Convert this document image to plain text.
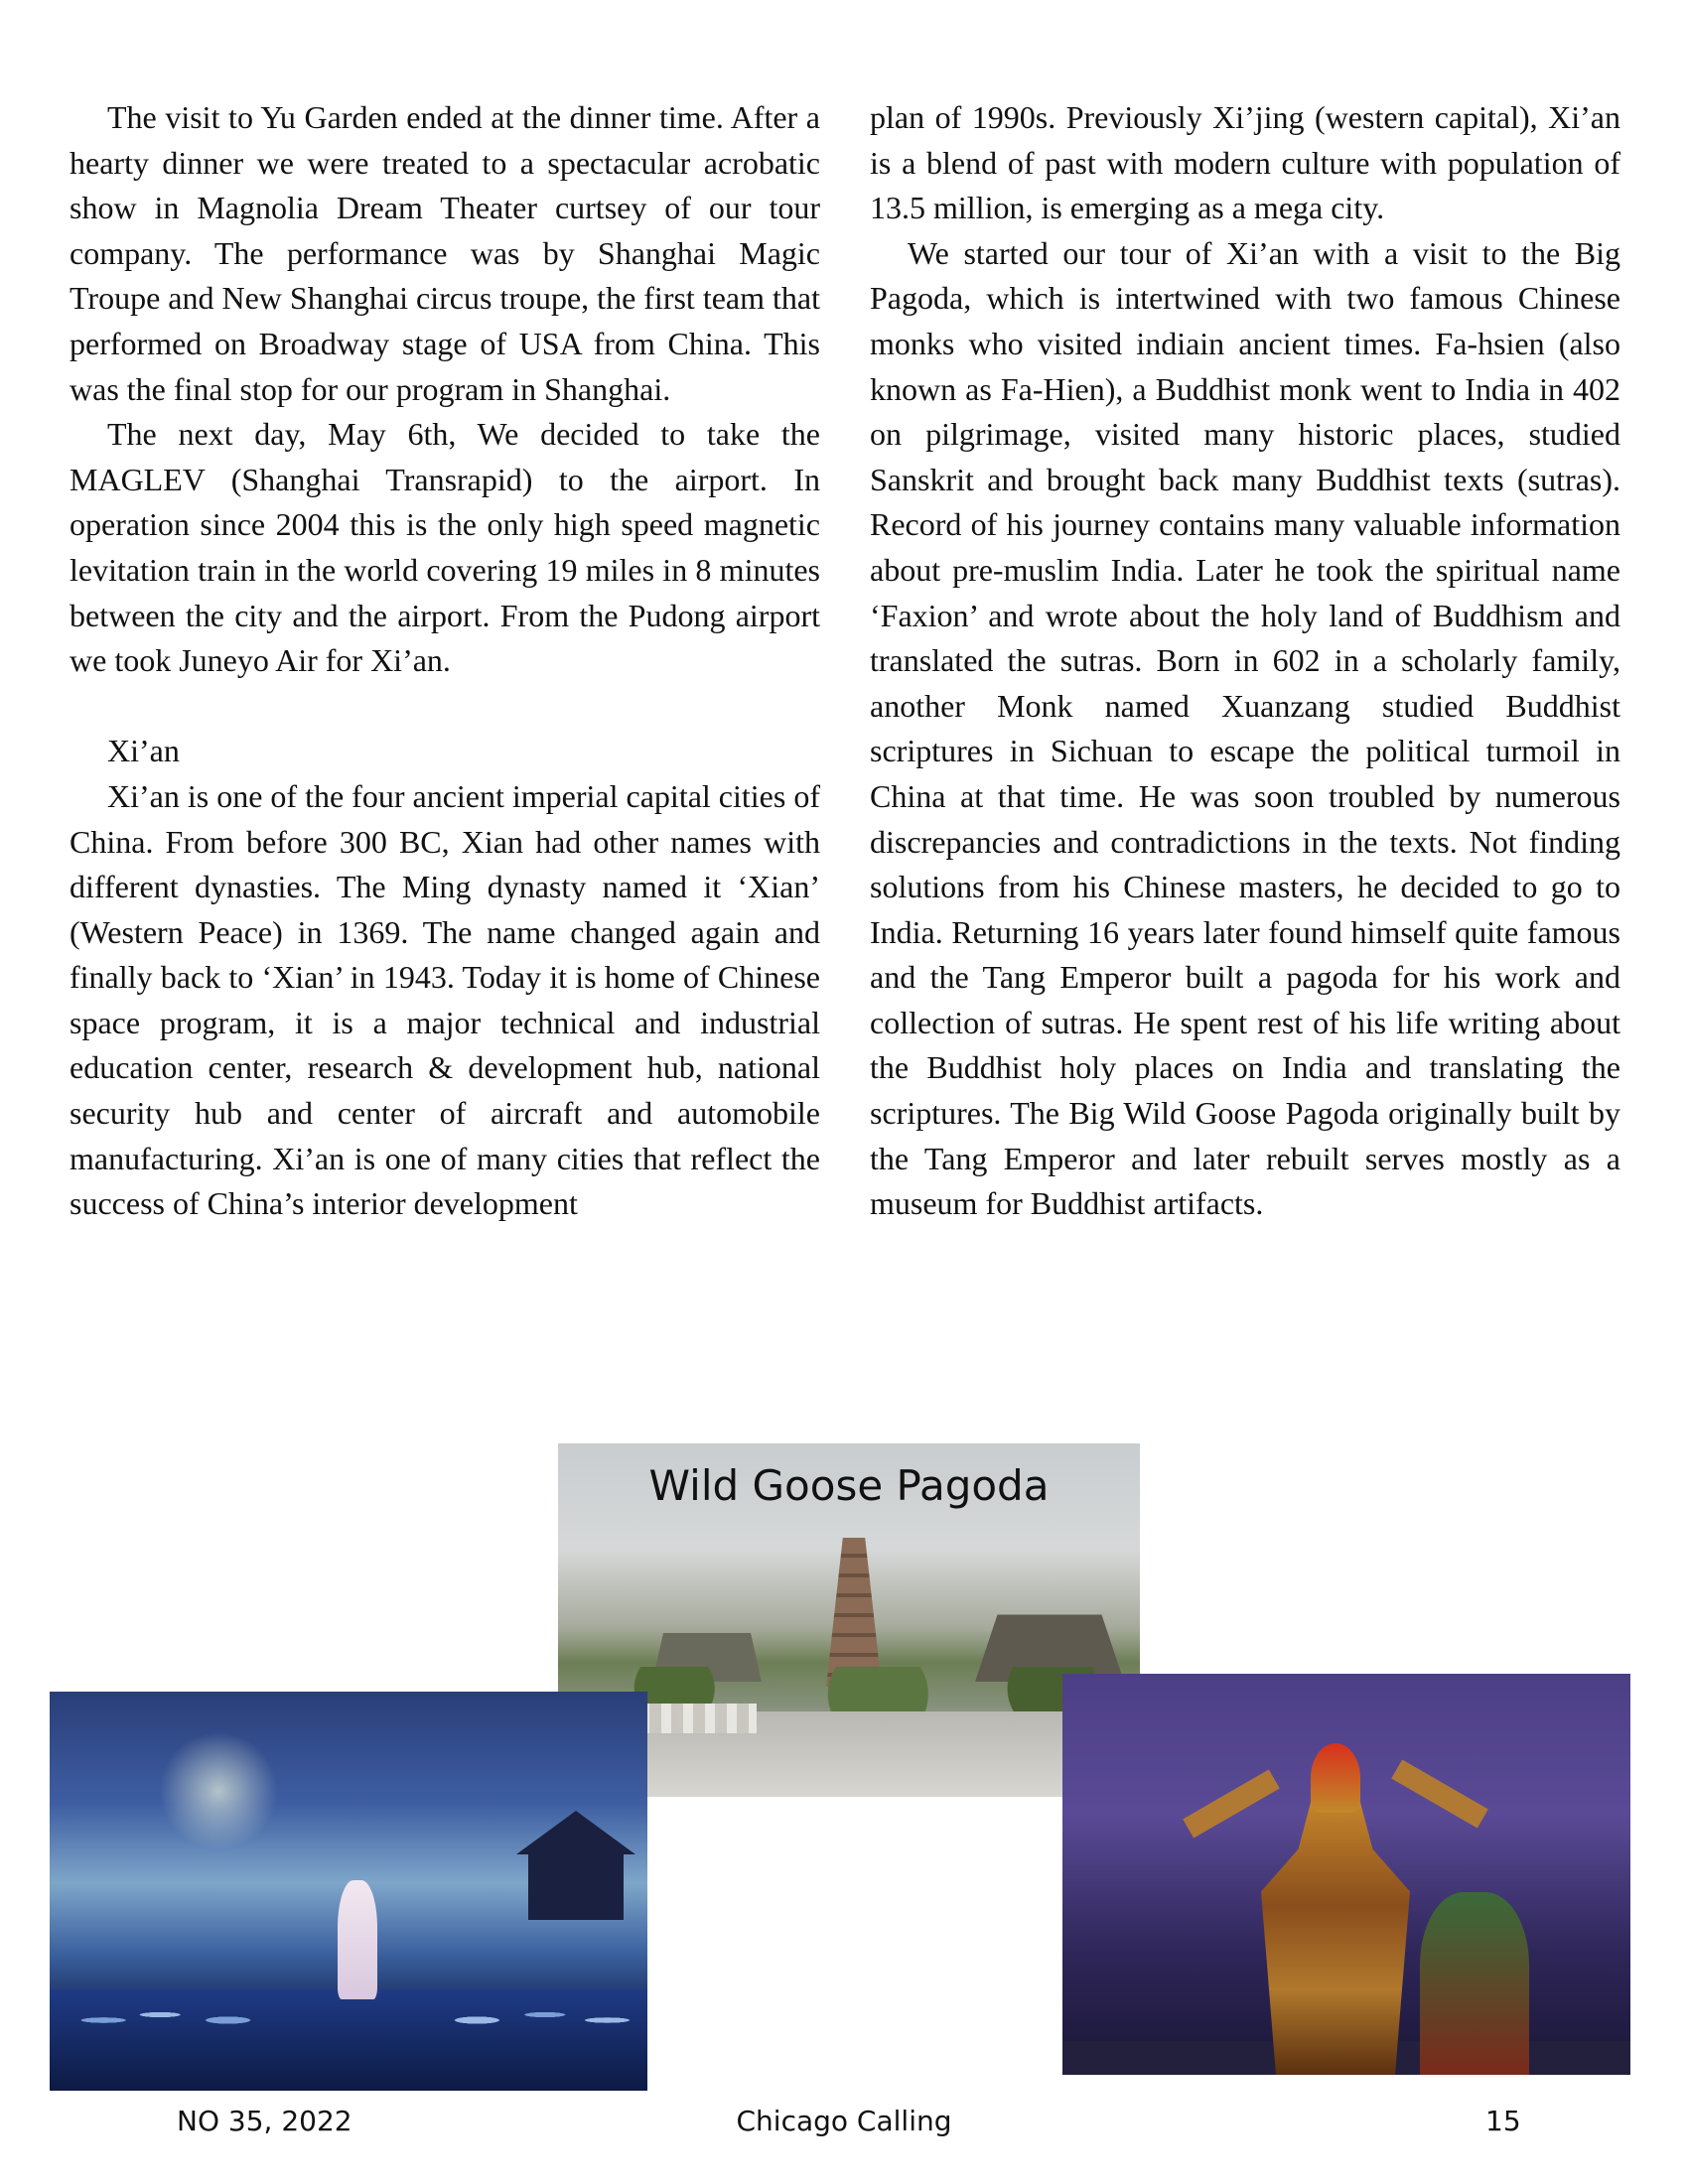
The visit to Yu Garden ended at the dinner time. After a hearty dinner we were treated to a spectacular acrobatic show in Magnolia Dream Theater curtsey of our tour company. The performance was by Shanghai Magic Troupe and New Shanghai circus troupe, the first team that performed on Broadway stage of USA from China. This was the final stop for our program in Shanghai.

The next day, May 6th, We decided to take the MAGLEV (Shanghai Transrapid) to the airport. In operation since 2004 this is the only high speed magnetic levitation train in the world covering 19 miles in 8 minutes between the city and the airport. From the Pudong airport we took Juneyo Air for Xi’an.

Xi’an

Xi’an is one of the four ancient imperial capital cities of China. From before 300 BC, Xian had other names with different dynasties. The Ming dynasty named it ‘Xian’ (Western Peace) in 1369. The name changed again and finally back to ‘Xian’ in 1943. Today it is home of Chinese space program, it is a major technical and industrial education center, research & development hub, national security hub and center of aircraft and automobile manufacturing. Xi’an is one of many cities that reflect the success of China’s interior development

plan of 1990s. Previously Xi’jing (western capital), Xi’an is a blend of past with modern culture with population of 13.5 million, is emerging as a mega city.

We started our tour of Xi’an with a visit to the Big Pagoda, which is intertwined with two famous Chinese monks who visited indiain ancient times. Fa-hsien (also known as Fa-Hien), a Buddhist monk went to India in 402 on pilgrimage, visited many historic places, studied Sanskrit and brought back many Buddhist texts (sutras). Record of his journey contains many valuable information about pre-muslim India. Later he took the spiritual name ‘Faxion’ and wrote about the holy land of Buddhism and translated the sutras. Born in 602 in a scholarly family, another Monk named Xuanzang studied Buddhist scriptures in Sichuan to escape the political turmoil in China at that time. He was soon troubled by numerous discrepancies and contradictions in the texts. Not finding solutions from his Chinese masters, he decided to go to India. Returning 16 years later found himself quite famous and the Tang Emperor built a pagoda for his work and collection of sutras. He spent rest of his life writing about the Buddhist holy places on India and translating the scriptures. The Big Wild Goose Pagoda originally built by the Tang Emperor and later rebuilt serves mostly as a museum for Buddhist artifacts.

Wild Goose Pagoda
Chicago Calling
NO 35, 2022	15
